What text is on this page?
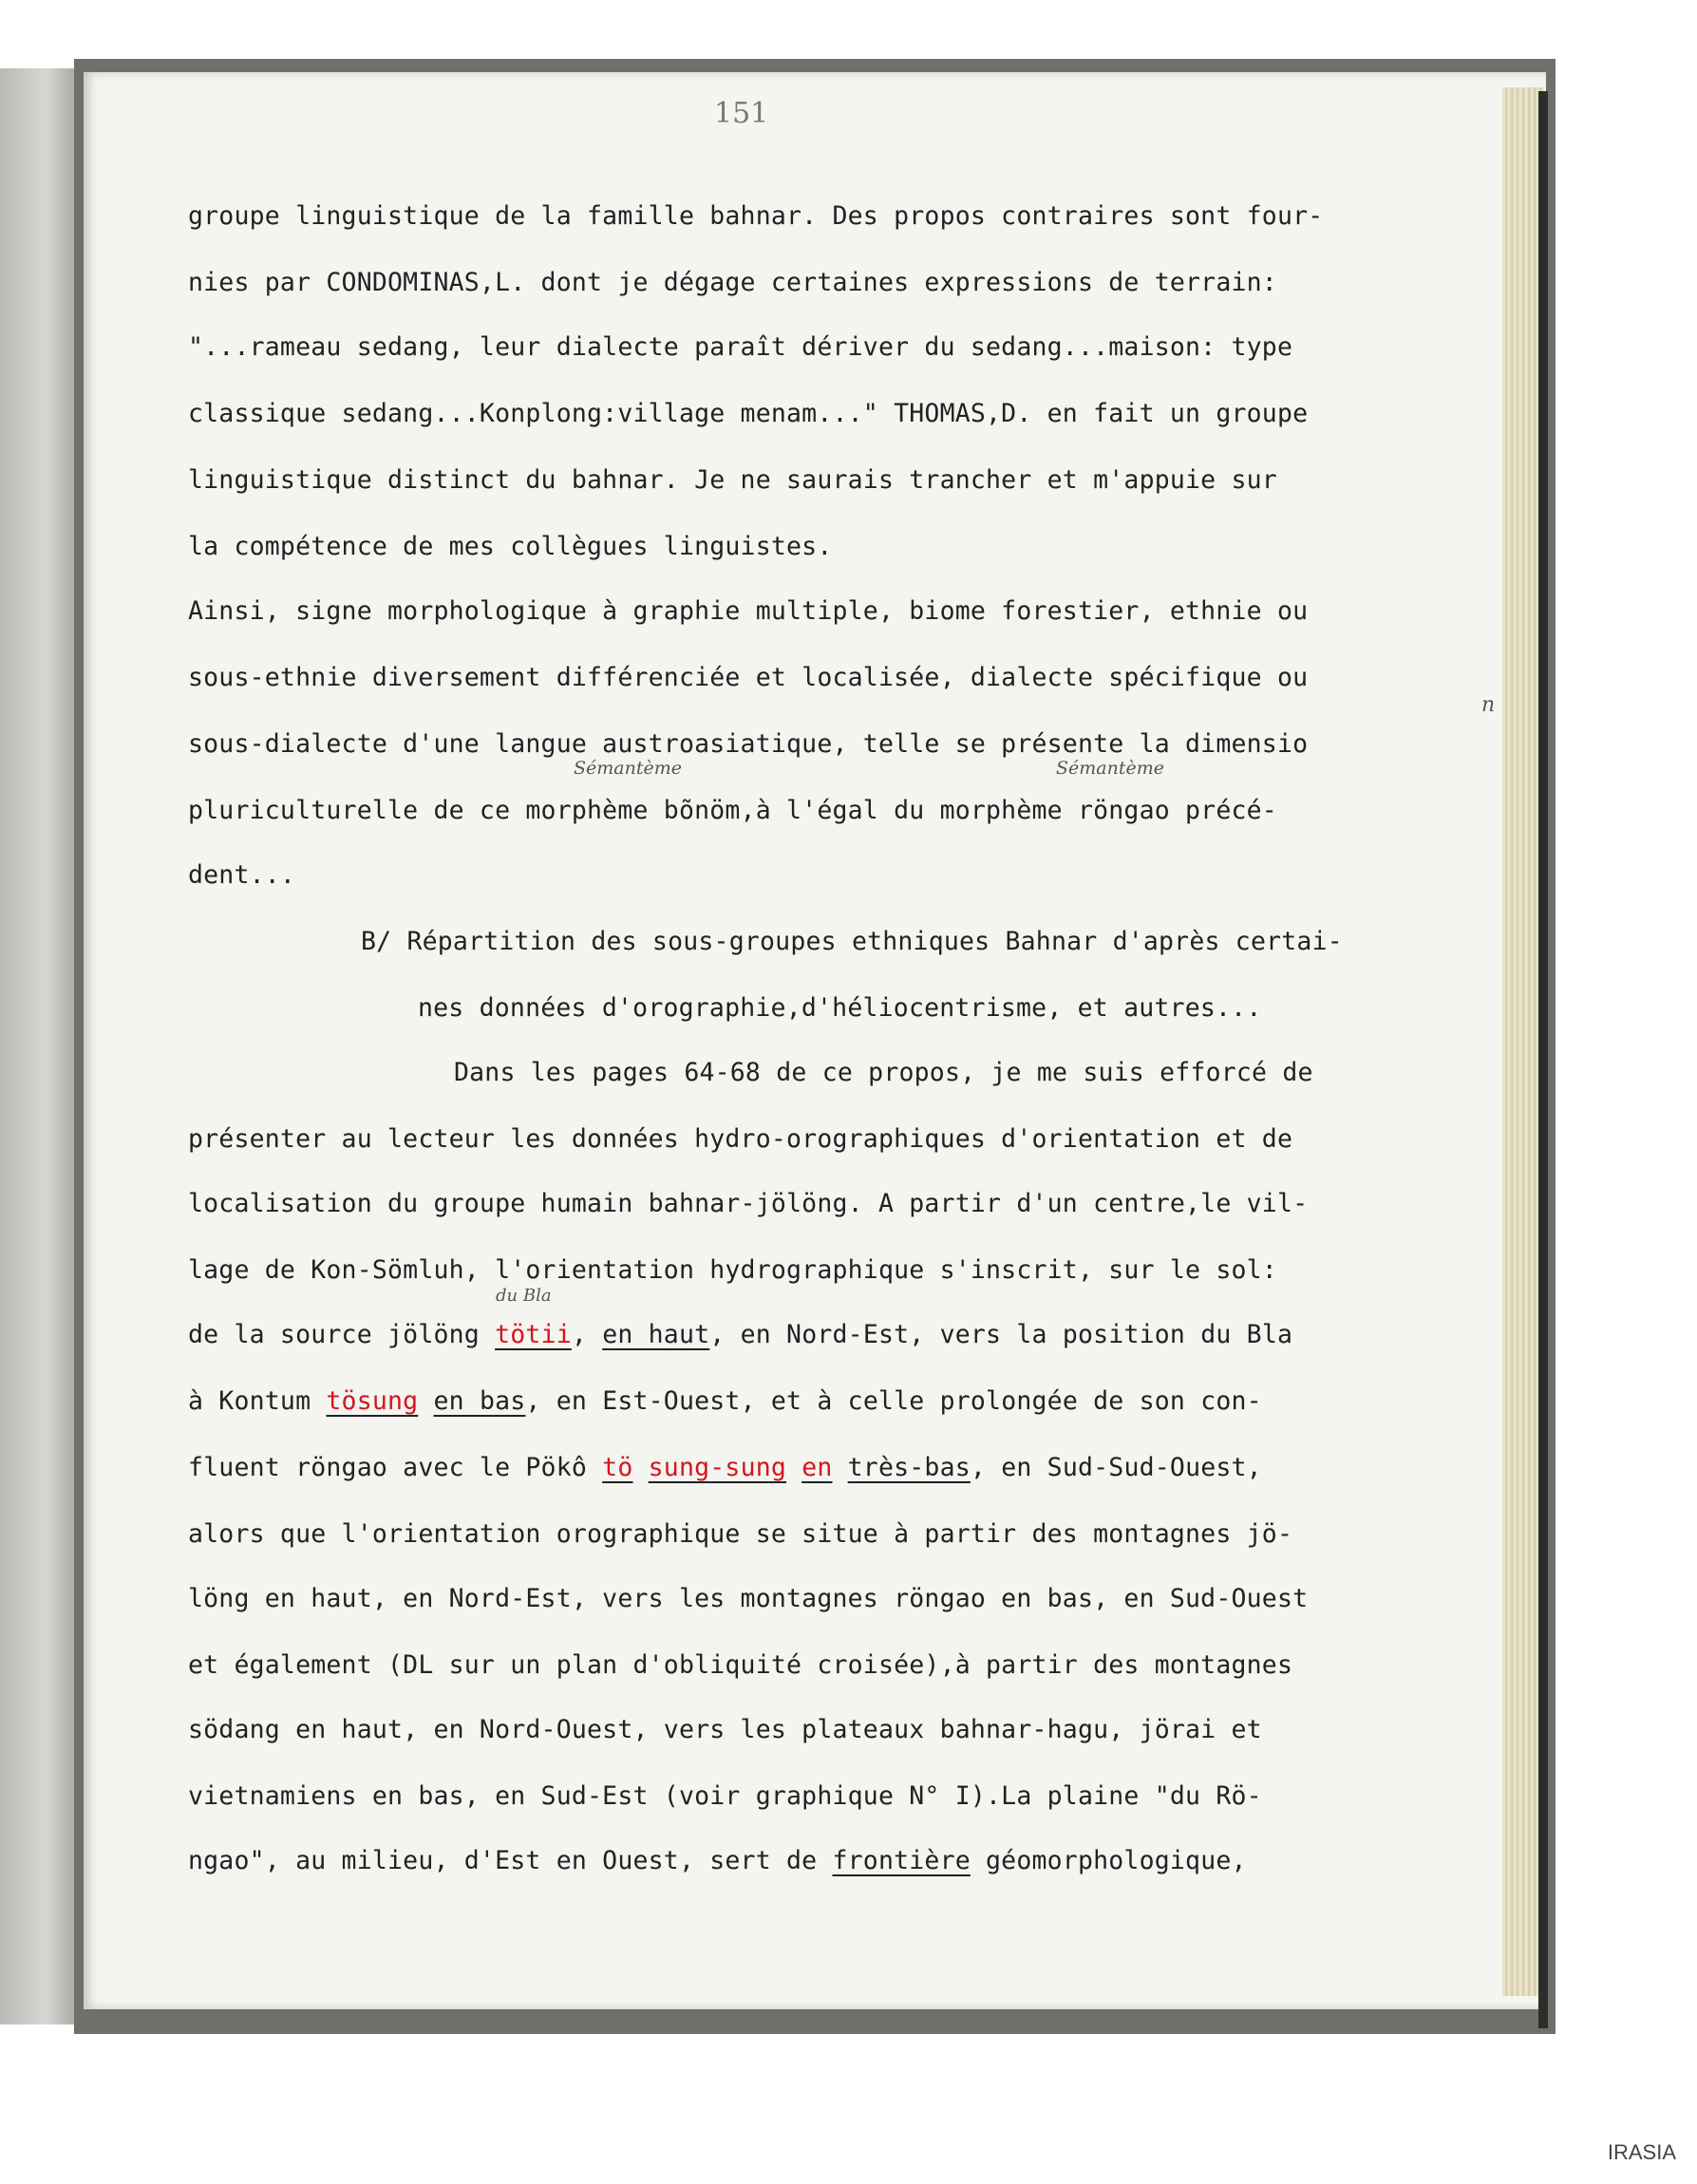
151
n
Sémantème	Sémantème
du Bla
groupe linguistique de la famille bahnar. Des propos contraires sont four-
nies par CONDOMINAS,L. dont je dégage certaines expressions de terrain:
"...rameau sedang, leur dialecte paraît dériver du sedang...maison: type
classique sedang...Konplong:village menam..." THOMAS,D. en fait un groupe
linguistique distinct du bahnar. Je ne saurais trancher et m'appuie sur
la compétence de mes collègues linguistes.
Ainsi, signe morphologique à graphie multiple, biome forestier, ethnie ou
sous-ethnie diversement différenciée et localisée, dialecte spécifique ou
sous-dialecte d'une langue austroasiatique, telle se présente la dimensio
pluriculturelle de ce morphème bõnöm,à l'égal du morphème röngao précé-
dent...
B/ Répartition des sous-groupes ethniques Bahnar d'après certai-
nes données d'orographie,d'héliocentrisme, et autres...
Dans les pages 64-68 de ce propos, je me suis efforcé de
présenter au lecteur les données hydro-orographiques d'orientation et de
localisation du groupe humain bahnar-jölöng. A partir d'un centre,le vil-
lage de Kon-Sömluh, l'orientation hydrographique s'inscrit, sur le sol:
de la source jölöng tötii, en haut, en Nord-Est, vers la position du Bla
à Kontum tösung en bas, en Est-Ouest, et à celle prolongée de son con-
fluent röngao avec le Pökô tö sung-sung en très-bas, en Sud-Sud-Ouest,
alors que l'orientation orographique se situe à partir des montagnes jö-
löng en haut, en Nord-Est, vers les montagnes röngao en bas, en Sud-Ouest
et également (DL sur un plan d'obliquité croisée),à partir des montagnes
södang en haut, en Nord-Ouest, vers les plateaux bahnar-hagu, jörai et
vietnamiens en bas, en Sud-Est (voir graphique N° I).La plaine "du Rö-
ngao", au milieu, d'Est en Ouest, sert de frontière géomorphologique,
IRASIA
